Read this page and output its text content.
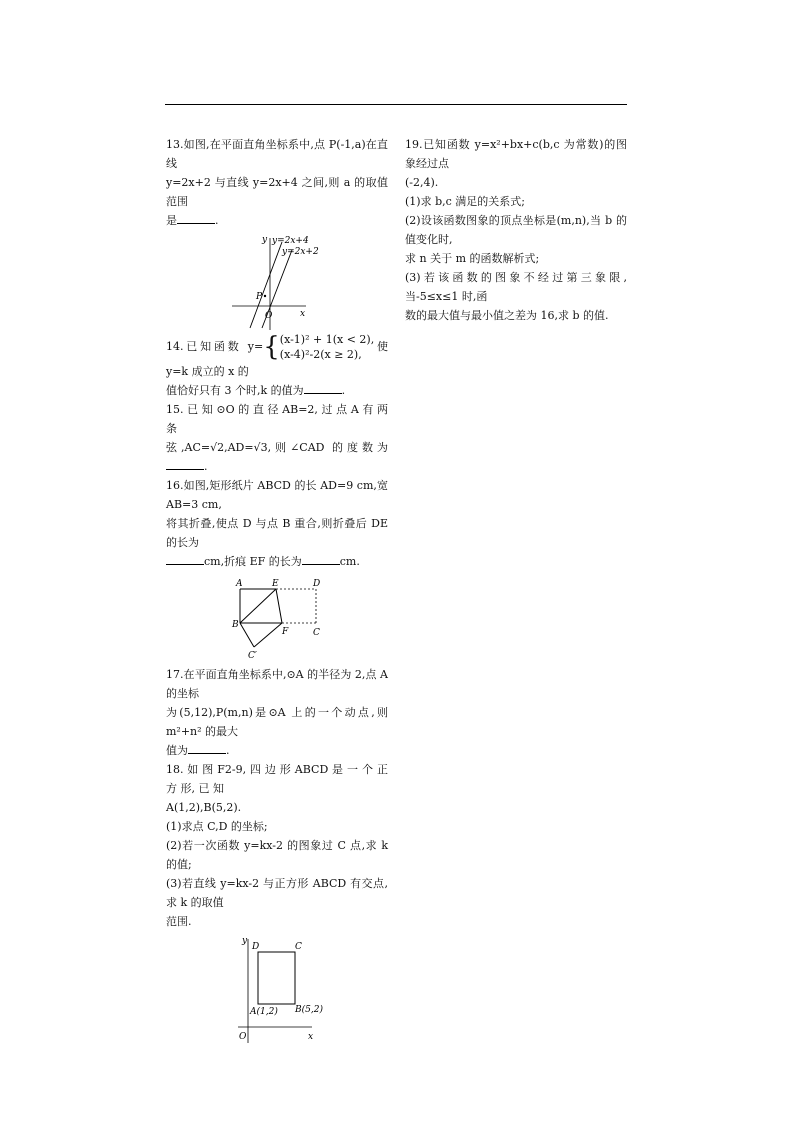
13.如图,在平面直角坐标系中,点 P(-1,a)在直线

y=2x+2 与直线 y=2x+4 之间,则 a 的取值范围

是	.

y=2x+4
y=2x+2
y
x
O
P

14.已知函数 y={ (x-1)² + 1(x < 2),
(x-4)²-2(x ≥ 2),
使 y=k 成立的 x 的

值恰好只有 3 个时,k 的值为	.

15. 已 知 ⊙O 的 直 径 AB=2, 过 点 A 有 两 条

弦,AC=√2,AD=√3,则∠CAD 的度数为.

16.如图,矩形纸片 ABCD 的长 AD=9 cm,宽 AB=3 cm,

将其折叠,使点 D 与点 B 重合,则折叠后 DE 的长为

cm,折痕 EF 的长为	cm.

A	E	D
B
F	C
C′

17.在平面直角坐标系中,⊙A 的半径为 2,点 A 的坐标

为(5,12),P(m,n)是⊙A 上的一个动点,则 m²+n² 的最大

值为	.

18. 如 图 F2-9, 四 边 形 ABCD 是 一 个 正 方 形, 已 知

A(1,2),B(5,2).

(1)求点 C,D 的坐标;

(2)若一次函数 y=kx-2 的图象过 C 点,求 k 的值;

(3)若直线 y=kx-2 与正方形 ABCD 有交点,求 k 的取值

范围.

y
x
O
D	C
A(1,2) B(5,2)

19.已知函数 y=x²+bx+c(b,c 为常数)的图象经过点

(-2,4).

(1)求 b,c 满足的关系式;

(2)设该函数图象的顶点坐标是(m,n),当 b 的值变化时,

求 n 关于 m 的函数解析式;

(3)若该函数的图象不经过第三象限,当-5≤x≤1 时,函

数的最大值与最小值之差为 16,求 b 的值.
